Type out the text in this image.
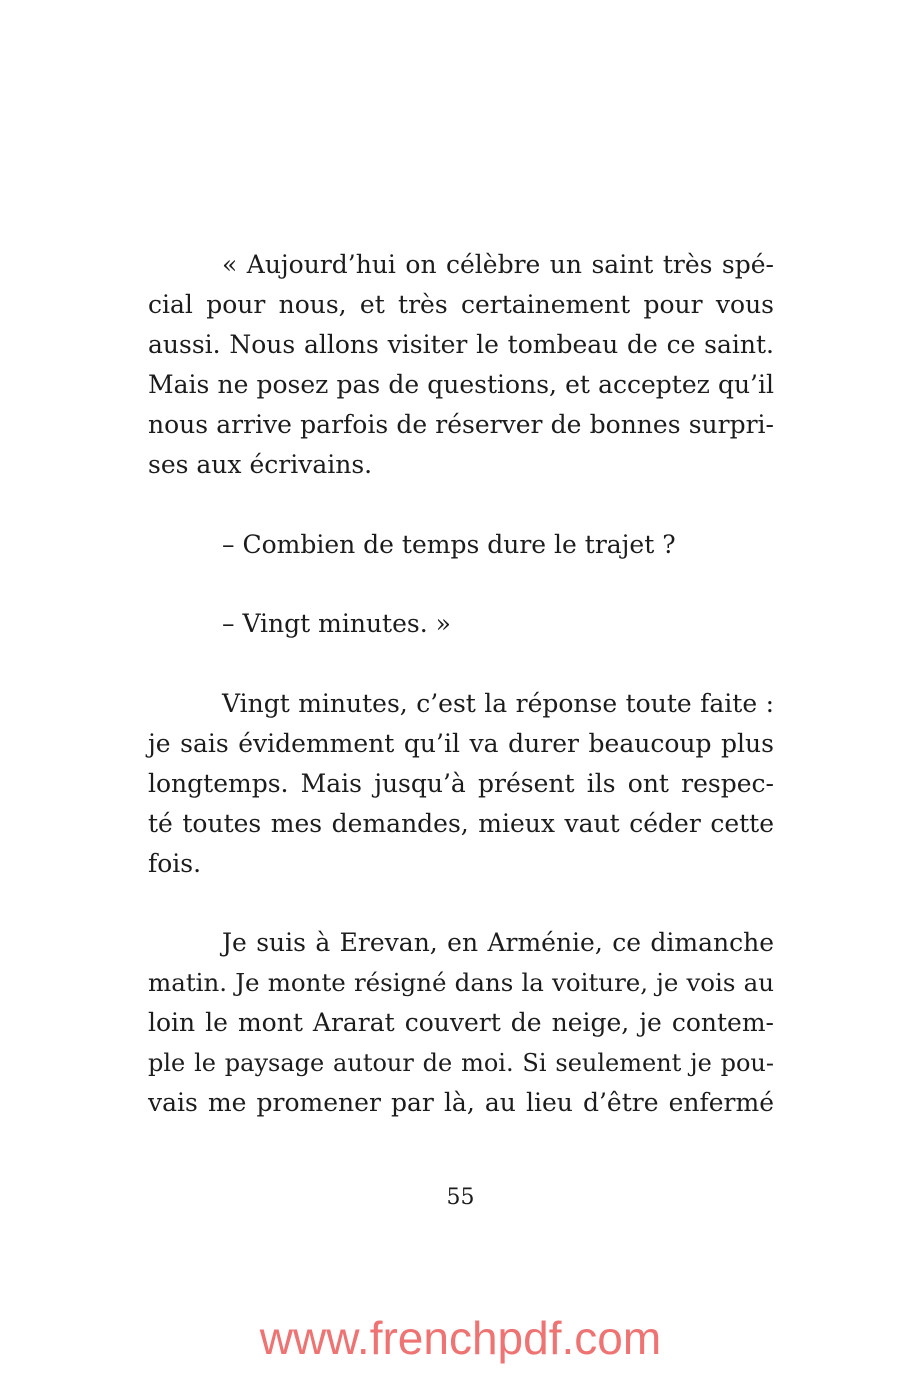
« Aujourd’hui on célèbre un saint très spé-

cial pour nous, et très certainement pour vous

aussi. Nous allons visiter le tombeau de ce saint.

Mais ne posez pas de questions, et acceptez qu’il

nous arrive parfois de réserver de bonnes surpri-

ses aux écrivains.

– Combien de temps dure le trajet ?

– Vingt minutes. »

Vingt minutes, c’est la réponse toute faite :

je sais évidemment qu’il va durer beaucoup plus

longtemps. Mais jusqu’à présent ils ont respec-

té toutes mes demandes, mieux vaut céder cette

fois.

Je suis à Erevan, en Arménie, ce dimanche

matin. Je monte résigné dans la voiture, je vois au

loin le mont Ararat couvert de neige, je contem-

ple le paysage autour de moi. Si seulement je pou-

vais me promener par là, au lieu d’être enfermé

55
www.frenchpdf.com
